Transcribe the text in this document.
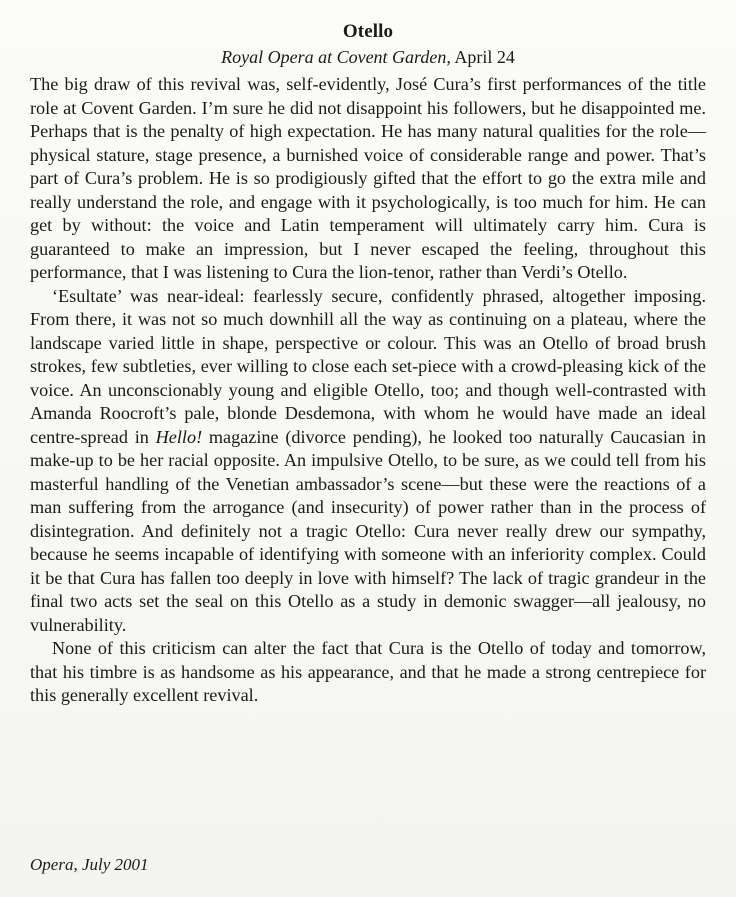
Otello
Royal Opera at Covent Garden, April 24

The big draw of this revival was, self-evidently, José Cura’s first performances of the title role at Covent Garden. I’m sure he did not disappoint his followers, but he disappointed me. Perhaps that is the penalty of high expectation. He has many natural qualities for the role—physical stature, stage presence, a burnished voice of considerable range and power. That’s part of Cura’s problem. He is so prodigiously gifted that the effort to go the extra mile and really understand the role, and engage with it psychologically, is too much for him. He can get by without: the voice and Latin temperament will ultimately carry him. Cura is guaranteed to make an impression, but I never escaped the feeling, throughout this performance, that I was listening to Cura the lion-tenor, rather than Verdi’s Otello.

‘Esultate’ was near-ideal: fearlessly secure, confidently phrased, altogether imposing. From there, it was not so much downhill all the way as continuing on a plateau, where the landscape varied little in shape, perspective or colour. This was an Otello of broad brush strokes, few subtleties, ever willing to close each set-piece with a crowd-pleasing kick of the voice. An unconscionably young and eligible Otello, too; and though well-contrasted with Amanda Roocroft’s pale, blonde Desdemona, with whom he would have made an ideal centre-spread in Hello! magazine (divorce pending), he looked too naturally Caucasian in make-up to be her racial opposite. An impulsive Otello, to be sure, as we could tell from his masterful handling of the Venetian ambassador’s scene—but these were the reactions of a man suffering from the arrogance (and insecurity) of power rather than in the process of disintegration. And definitely not a tragic Otello: Cura never really drew our sympathy, because he seems incapable of identifying with someone with an inferiority complex. Could it be that Cura has fallen too deeply in love with himself? The lack of tragic grandeur in the final two acts set the seal on this Otello as a study in demonic swagger—all jealousy, no vulnerability.

None of this criticism can alter the fact that Cura is the Otello of today and tomorrow, that his timbre is as handsome as his appearance, and that he made a strong centrepiece for this generally excellent revival.

Opera, July 2001
